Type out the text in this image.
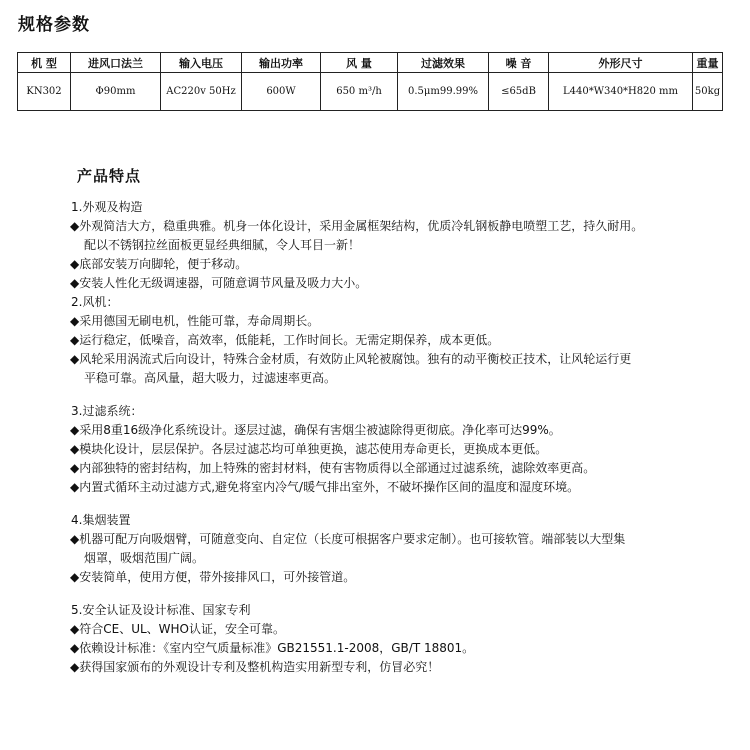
规格参数
机 型	进风口法兰	输入电压	输出功率	风 量	过滤效果	噪 音	外形尺寸	重量
KN302	Φ90mm	AC220v 50Hz	600W	650 m³/h	0.5μm99.99%	≤65dB	L440*W340*H820 mm	50kg
产品特点
1.外观及构造
◆外观简洁大方，稳重典雅。机身一体化设计，采用金属框架结构，优质冷轧钢板静电喷塑工艺，持久耐用。
配以不锈钢拉丝面板更显经典细腻，令人耳目一新！
◆底部安装万向脚轮，便于移动。
◆安装人性化无级调速器，可随意调节风量及吸力大小。
2.风机：
◆采用德国无刷电机，性能可靠，寿命周期长。
◆运行稳定，低噪音，高效率，低能耗，工作时间长。无需定期保养，成本更低。
◆风轮采用涡流式后向设计，特殊合金材质，有效防止风轮被腐蚀。独有的动平衡校正技术，让风轮运行更
平稳可靠。高风量，超大吸力，过滤速率更高。
3.过滤系统：
◆采用8重16级净化系统设计。逐层过滤，确保有害烟尘被滤除得更彻底。净化率可达99%。
◆模块化设计，层层保护。各层过滤芯均可单独更换，滤芯使用寿命更长，更换成本更低。
◆内部独特的密封结构，加上特殊的密封材料，使有害物质得以全部通过过滤系统，滤除效率更高。
◆内置式循环主动过滤方式,避免将室内冷气/暖气排出室外，不破坏操作区间的温度和湿度环境。
4.集烟装置
◆机器可配万向吸烟臂，可随意变向、自定位（长度可根据客户要求定制）。也可接软管。端部装以大型集
烟罩，吸烟范围广阔。
◆安装简单，使用方便，带外接排风口，可外接管道。
5.安全认证及设计标准、国家专利
◆符合CE、UL、WHO认证，安全可靠。
◆依赖设计标准：《室内空气质量标准》GB21551.1-2008，GB/T 18801。
◆获得国家颁布的外观设计专利及整机构造实用新型专利，仿冒必究！
